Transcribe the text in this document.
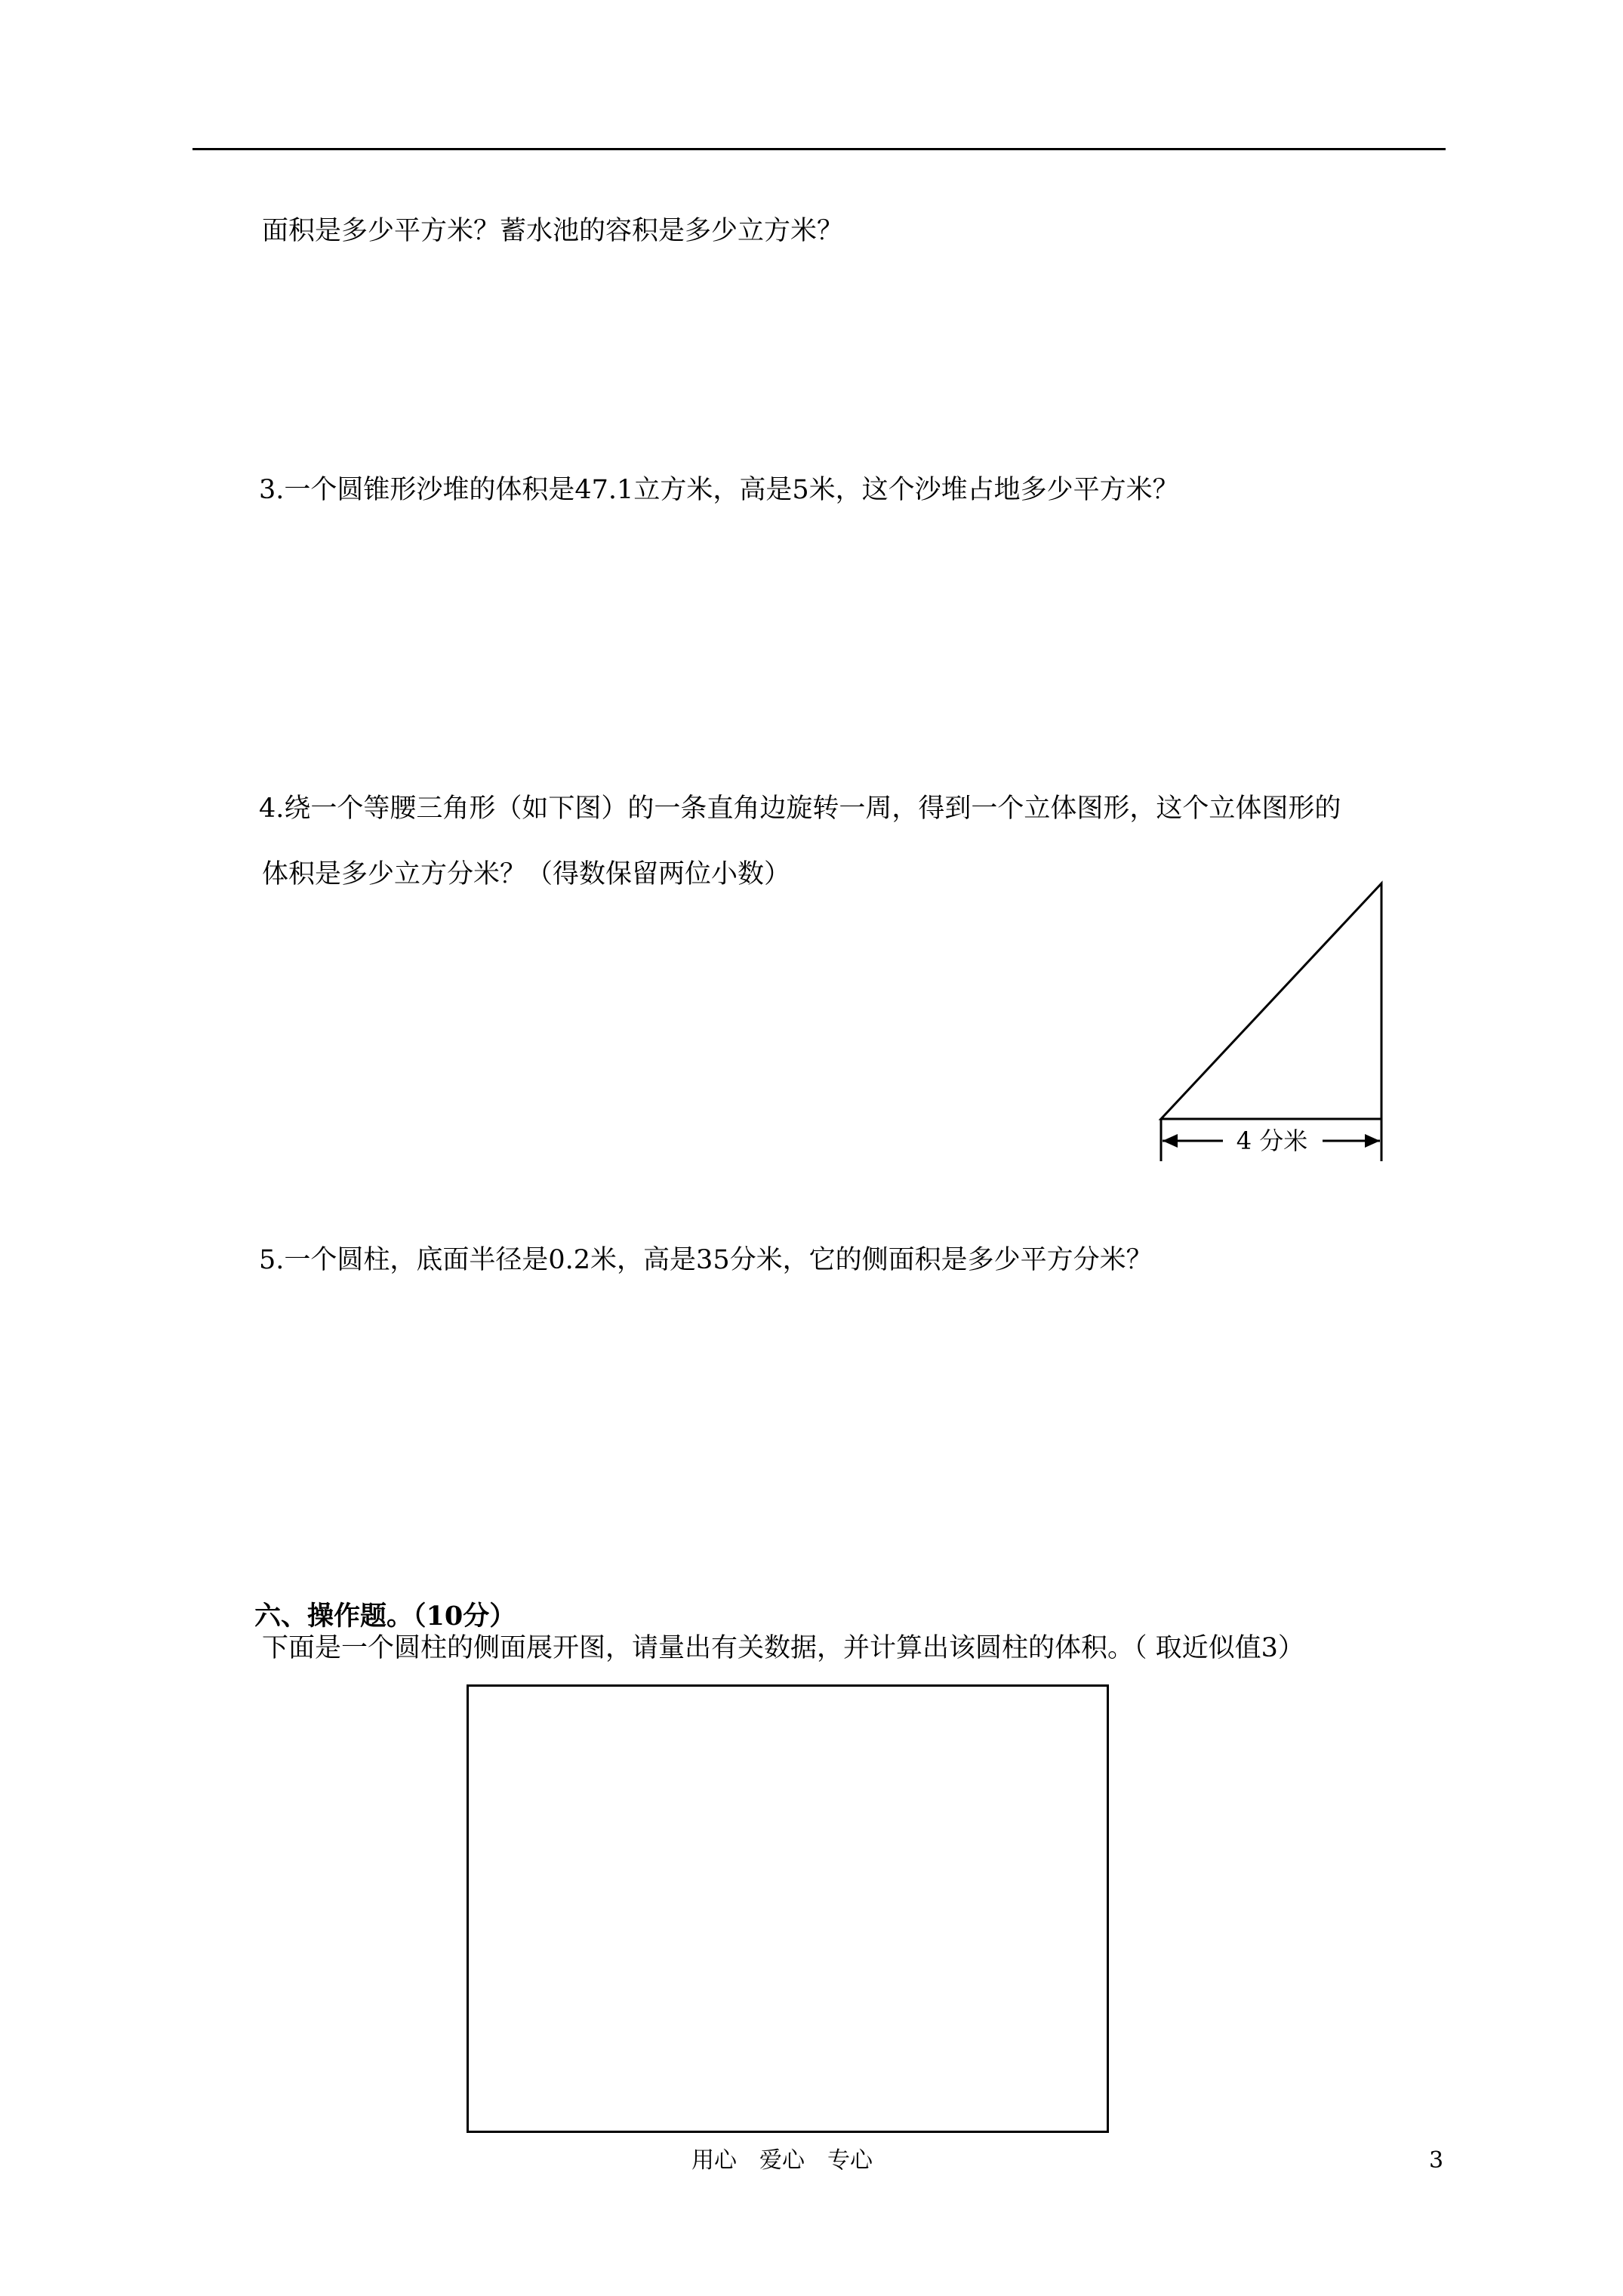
面积是多少平方米？蓄水池的容积是多少立方米？
3.一个圆锥形沙堆的体积是47.1立方米，高是5米，这个沙堆占地多少平方米？
4.绕一个等腰三角形（如下图）的一条直角边旋转一周，得到一个立体图形，这个立体图形的
体积是多少立方分米？（得数保留两位小数）
4 分米
5.一个圆柱，底面半径是0.2米，高是35分米，它的侧面积是多少平方分米？
六、操作题。（10分）
下面是一个圆柱的侧面展开图，请量出有关数据，并计算出该圆柱的体积。（ 取近似值3）
用心　爱心　专心	3
